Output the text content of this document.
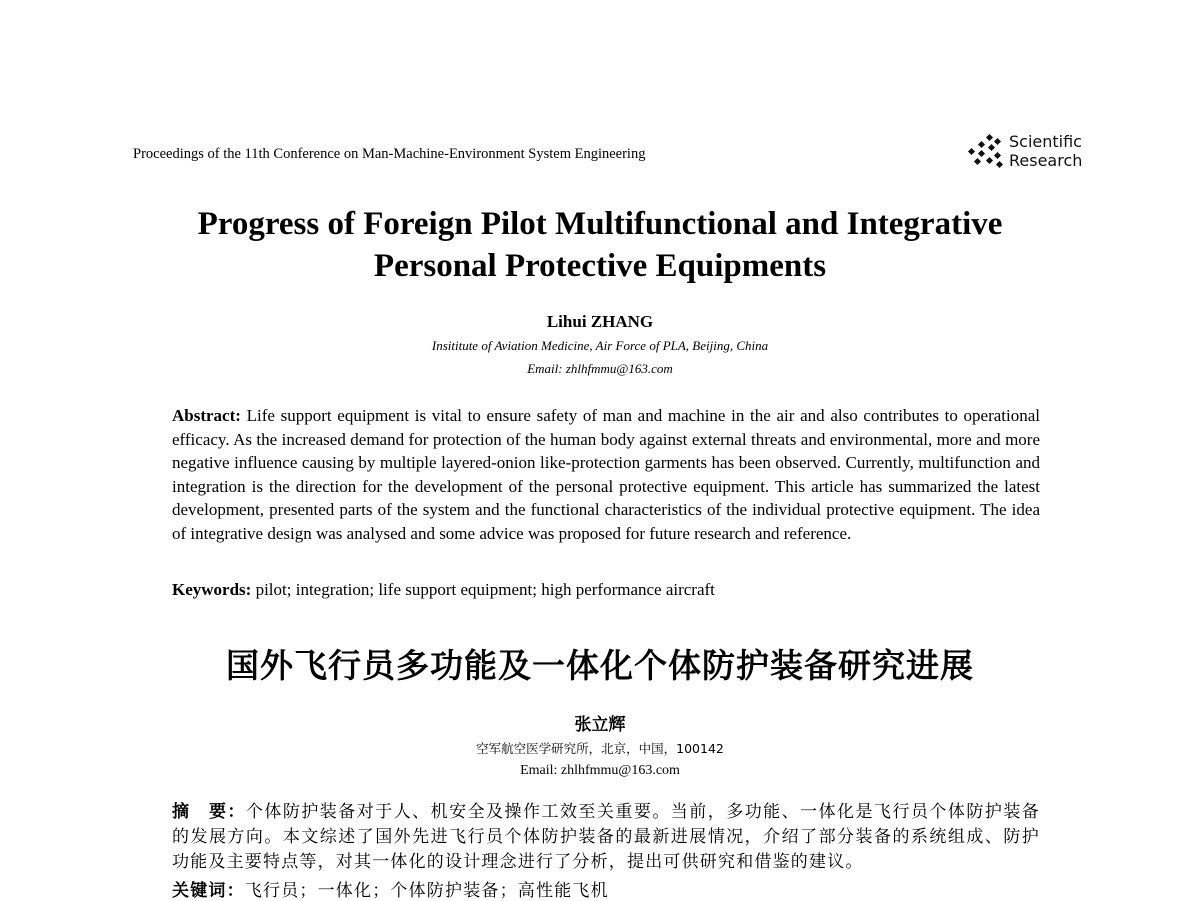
Proceedings of the 11th Conference on Man-Machine-Environment System Engineering
Scientific
Research
Progress of Foreign Pilot Multifunctional and Integrative
Personal Protective Equipments
Lihui ZHANG
Insititute of Aviation Medicine, Air Force of PLA, Beijing, China
Email: zhlhfmmu@163.com
Abstract: Life support equipment is vital to ensure safety of man and machine in the air and also contributes to operational efficacy. As the increased demand for protection of the human body against external threats and environmental, more and more negative influence causing by multiple layered-onion like-protection garments has been observed. Currently, multifunction and integration is the direction for the development of the personal protective equipment. This article has summarized the latest development, presented parts of the system and the functional characteristics of the individual protective equipment. The idea of integrative design was analysed and some advice was proposed for future research and reference.
Keywords: pilot; integration; life support equipment; high performance aircraft
国外飞行员多功能及一体化个体防护装备研究进展
张立辉
空军航空医学研究所，北京，中国，100142
Email: zhlhfmmu@163.com
摘　要：个体防护装备对于人、机安全及操作工效至关重要。当前，多功能、一体化是飞行员个体防护装备的发展方向。本文综述了国外先进飞行员个体防护装备的最新进展情况，介绍了部分装备的系统组成、防护功能及主要特点等，对其一体化的设计理念进行了分析，提出可供研究和借鉴的建议。
关键词：飞行员；一体化；个体防护装备；高性能飞机
